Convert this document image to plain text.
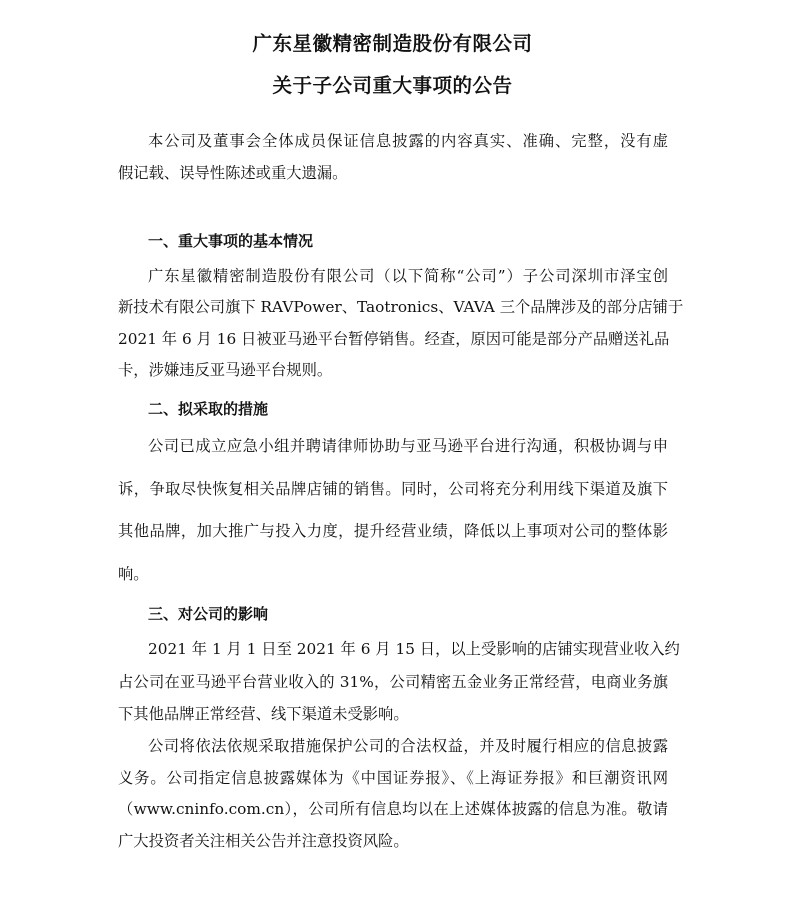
广东星徽精密制造股份有限公司
关于子公司重大事项的公告
本公司及董事会全体成员保证信息披露的内容真实、准确、完整，没有虚
假记载、误导性陈述或重大遗漏。
一、重大事项的基本情况
广东星徽精密制造股份有限公司（以下简称“公司”）子公司深圳市泽宝创
新技术有限公司旗下 RAVPower、Taotronics、VAVA 三个品牌涉及的部分店铺于
2021 年 6 月 16 日被亚马逊平台暂停销售。经查，原因可能是部分产品赠送礼品
卡，涉嫌违反亚马逊平台规则。
二、拟采取的措施
公司已成立应急小组并聘请律师协助与亚马逊平台进行沟通，积极协调与申
诉，争取尽快恢复相关品牌店铺的销售。同时，公司将充分利用线下渠道及旗下
其他品牌，加大推广与投入力度，提升经营业绩，降低以上事项对公司的整体影
响。
三、对公司的影响
2021 年 1 月 1 日至 2021 年 6 月 15 日，以上受影响的店铺实现营业收入约
占公司在亚马逊平台营业收入的 31%，公司精密五金业务正常经营，电商业务旗
下其他品牌正常经营、线下渠道未受影响。
公司将依法依规采取措施保护公司的合法权益，并及时履行相应的信息披露
义务。公司指定信息披露媒体为《中国证券报》、《上海证券报》和巨潮资讯网
（www.cninfo.com.cn），公司所有信息均以在上述媒体披露的信息为准。敬请
广大投资者关注相关公告并注意投资风险。
